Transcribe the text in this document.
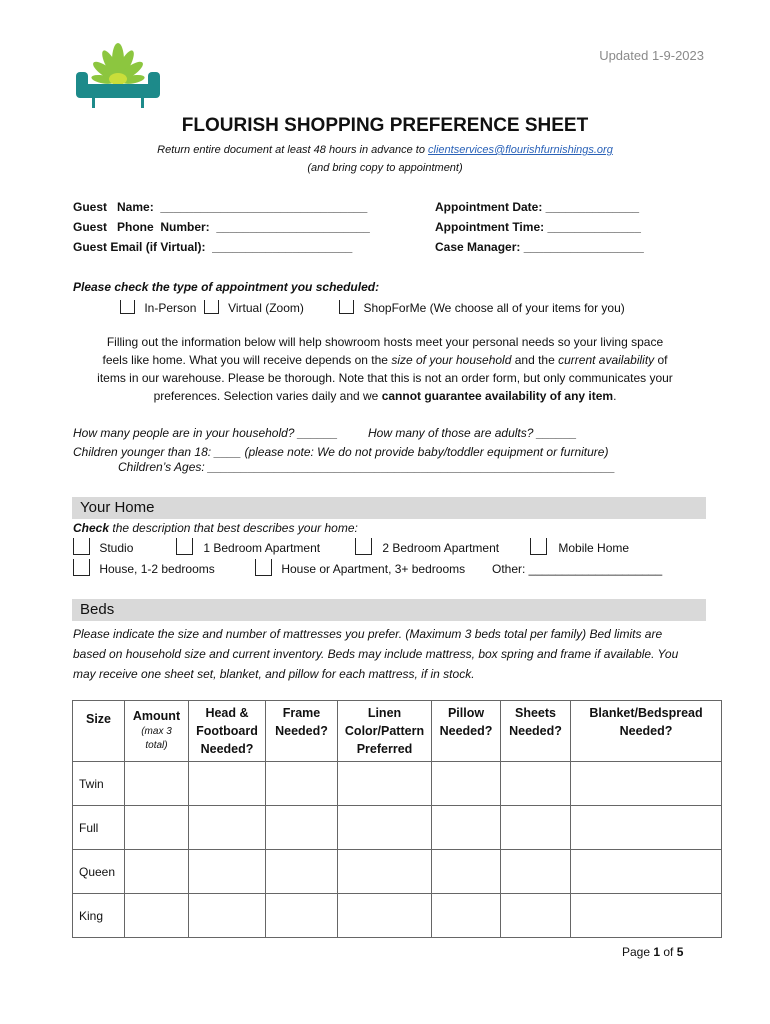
Updated 1-9-2023
FLOURISH SHOPPING PREFERENCE SHEET
Return entire document at least 48 hours in advance to clientservices@flourishfurnishings.org
(and bring copy to appointment)
Guest   Name:  _______________________________
Guest   Phone  Number:  _______________________
Guest Email (if Virtual):  _____________________
Appointment Date: ______________
Appointment Time: ______________
Case Manager: __________________
Please check the type of appointment you scheduled:
In-Person	Virtual (Zoom)	ShopForMe (We choose all of your items for you)

Filling out the information below will help showroom hosts meet your personal needs so your living space

feels like home. What you will receive depends on the size of your household and the current availability of

items in our warehouse. Please be thorough. Note that this is not an order form, but only communicates your

preferences. Selection varies daily and we cannot guarantee availability of any item.

How many people are in your household? ______	How many of those are adults? ______
Children younger than 18: ____ (please note: We do not provide baby/toddler equipment or furniture)
Children’s Ages: _____________________________________________________________
Your Home
Check the description that best describes your home:
Studio	1 Bedroom Apartment	2 Bedroom Apartment	Mobile Home
House, 1-2 bedrooms	House or Apartment, 3+ bedrooms Other: ____________________
Beds
Please indicate the size and number of mattresses you prefer. (Maximum 3 beds total per family) Bed limits are
based on household size and current inventory. Beds may include mattress, box spring and frame if available. You
may receive one sheet set, blanket, and pillow for each mattress, if in stock.
Size	Amount
(max 3
total)	Head & Footboard Needed?	Frame Needed?	Linen Color/Pattern Preferred	Pillow Needed?	Sheets Needed?	Blanket/Bedspread Needed?
Twin							
Full							
Queen							
King							
Page 1 of 5
